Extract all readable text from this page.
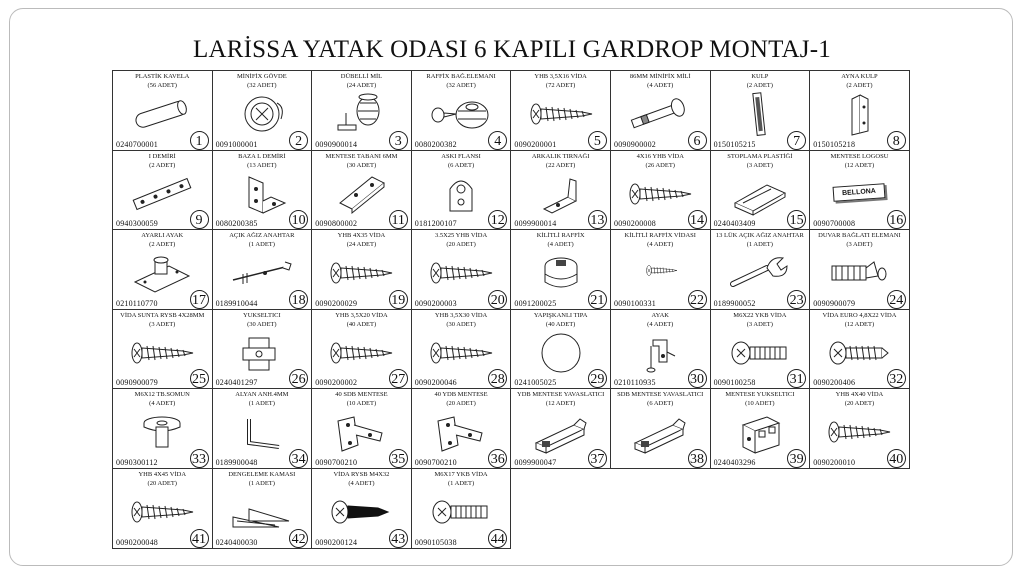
LARİSSA YATAK ODASI 6 KAPILI GARDROP MONTAJ-1
PLASTİK KAVELA
(56 ADET)
0240700001	1
MİNİFİX GÖVDE
(32 ADET)
0091000001	2
DÜBELLİ MİL
(24 ADET)
0090900014	3
RAFFİX BAĞ.ELEMANI
(32 ADET)
0080200382	4
YHB 3,5X16 VİDA
(72 ADET)
0090200001	5
86MM MİNİFİX MİLİ
(4 ADET)
0090900002	6
KULP
(2 ADET)
0150105215	7
AYNA KULP
(2 ADET)
0150105218	8
I DEMİRİ
(2 ADET)
0940300059	9
BAZA L DEMİRİ
(13 ADET)
0080200385 10
MENTESE TABANI 6MM
(30 ADET)
0090800002 11
ASKI FLANSI
(6 ADET)
0181200107 12
ARKALIK TIRNAĞI
(22 ADET)
0099900014 13
4X16 YHB VİDA
(26 ADET)
0090200008 14
STOPLAMA PLASTİĞİ
(3 ADET)
0240403409 15
MENTESE LOGOSU
(12 ADET)
BELLONA
0090700008 16
AYARLI AYAK
(2 ADET)
0210110770 17
AÇIK AĞIZ ANAHTAR
(1 ADET)
0189910044 18
YHB 4X35 VİDA
(24 ADET)
0090200029 19
3.5X25 YHB VİDA
(20 ADET)
0090200003 20
KİLİTLİ RAFFİX
(4 ADET)
0091200025 21
KİLİTLİ RAFFİX VİDASI
(4 ADET)
0090100331 22
13 LÜK AÇIK AĞIZ ANAHTAR
(1 ADET)
0189900052 23
DUVAR BAĞLATI ELEMANI
(3 ADET)
0090900079 24
VİDA SUNTA RYSB 4X28MM
(3 ADET)
0090900079 25
YUKSELTICI
(30 ADET)
0240401297 26
YHB 3,5X20 VİDA
(40 ADET)
0090200002 27
YHB 3,5X30 VİDA
(30 ADET)
0090200046 28
YAPIŞKANLI TIPA
(40 ADET)
0241005025 29
AYAK
(4 ADET)
0210110935 30
M6X22 YKB VİDA
(3 ADET)
0090100258 31
VİDA EURO 4,8X22 VİDA
(12 ADET)
0090200406 32
M6X12 TB.SOMUN
(4 ADET)
0090300112 33
ALYAN ANH.4MM
(1 ADET)
0189900048 34
40 SDB MENTESE
(10 ADET)
0090700210 35
40 YDB MENTESE
(20 ADET)
0090700210 36
YDB MENTESE YAVASLATICI
(12 ADET)
0099900047 37
SDB MENTESE YAVASLATICI
(6 ADET)
38
MENTESE YUKSELTICI
(10 ADET)
0240403296 39
YHB 4X40 VİDA
(20 ADET)
0090200010 40
YHB 4X45 VİDA
(20 ADET)
0090200048 41
DENGELEME KAMASI
(1 ADET)
0240400030 42
VİDA RYSB M4X32
(4 ADET)
0090200124 43
M6X17 YKB VİDA
(1 ADET)
0090105038 44
